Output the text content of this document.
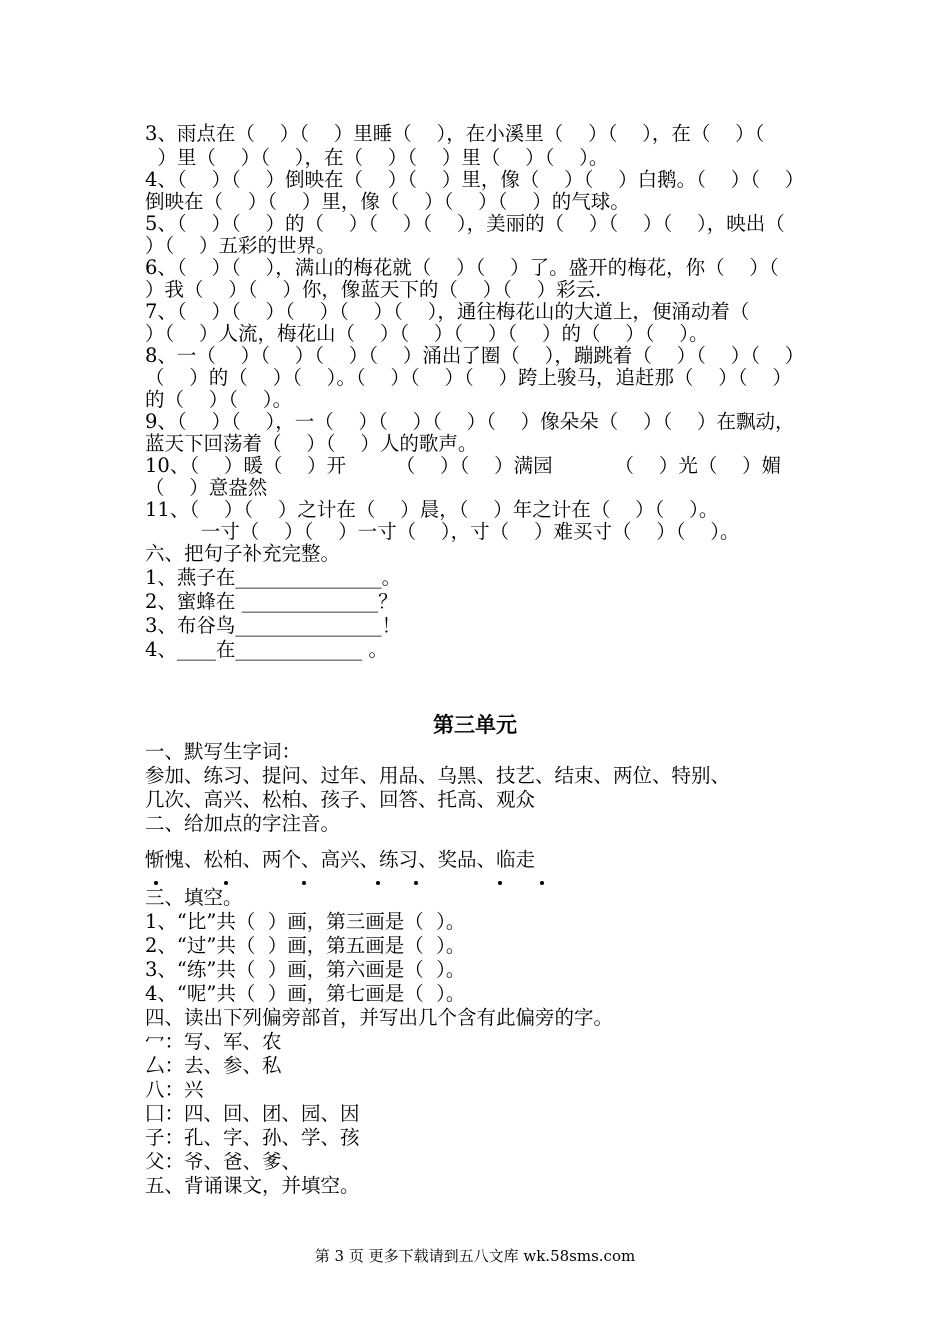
3、雨点在（    ）（    ）里睡（    ），在小溪里（    ）（    ），在（    ）（
）里（    ）（    ），在（    ）（    ）里（    ）（    ）。
4、（    ）（    ）倒映在（    ）（    ）里，像（    ）（    ）白鹅。（    ）（    ）
倒映在（    ）（    ）里，像（    ）（    ）（    ）的气球。
5、（    ）（    ）的（    ）（    ）（    ），美丽的（    ）（    ）（    ），映出（
）（    ）五彩的世界。
6、（    ）（    ），满山的梅花就（    ）（    ）了。盛开的梅花，你（    ）（
）我（    ）（    ）你，像蓝天下的（    ）（    ）彩云.
7、（    ）（    ）（    ）（    ）（    ），通往梅花山的大道上，便涌动着（
）（    ）人流，梅花山（    ）（    ）（    ）（    ）的（    ）（    ）。
8、一（    ）（    ）（    ）（    ）涌出了圈（    ），蹦跳着（    ）（    ）（    ）
（    ）的（    ）（    ）。（    ）（    ）（    ）跨上骏马，追赶那（    ）（    ）
的（    ）（    ）。
9、（    ）（    ），一（    ）（    ）（    ）（    ）像朵朵（    ）（    ）在飘动，
蓝天下回荡着（    ）（    ）人的歌声。
10、（    ）暖（    ）开        （    ）（    ）满园          （    ）光（    ）媚
（    ）意盎然
11、（    ）（    ）之计在（    ）晨，（    ）年之计在（    ）（    ）。
一寸（    ）（    ）一寸（    ），寸（    ）难买寸（    ）（    ）。
六、把句子补充完整。
1、燕子在_______________。
2、蜜蜂在 ______________？
3、布谷鸟_______________！
4、____在_____________ 。
第三单元
一、默写生字词：
参加、练习、提问、过年、用品、乌黑、技艺、结束、两位、特别、
几次、高兴、松柏、孩子、回答、托高、观众
二、给加点的字注音。
惭愧、松柏、两个、高兴、练习、奖品、临走
三、填空。
1、“比”共（  ）画，第三画是（  ）。
2、“过”共（  ）画，第五画是（  ）。
3、“练”共（  ）画，第六画是（  ）。
4、“呢”共（  ）画，第七画是（  ）。
四、读出下列偏旁部首，并写出几个含有此偏旁的字。
冖：写、军、农
厶：去、参、私
八：兴
囗：四、回、团、园、因
子：孔、字、孙、学、孩
父：爷、爸、爹、
五、背诵课文，并填空。
第 3 页 更多下载请到五八文库 wk.58sms.com
